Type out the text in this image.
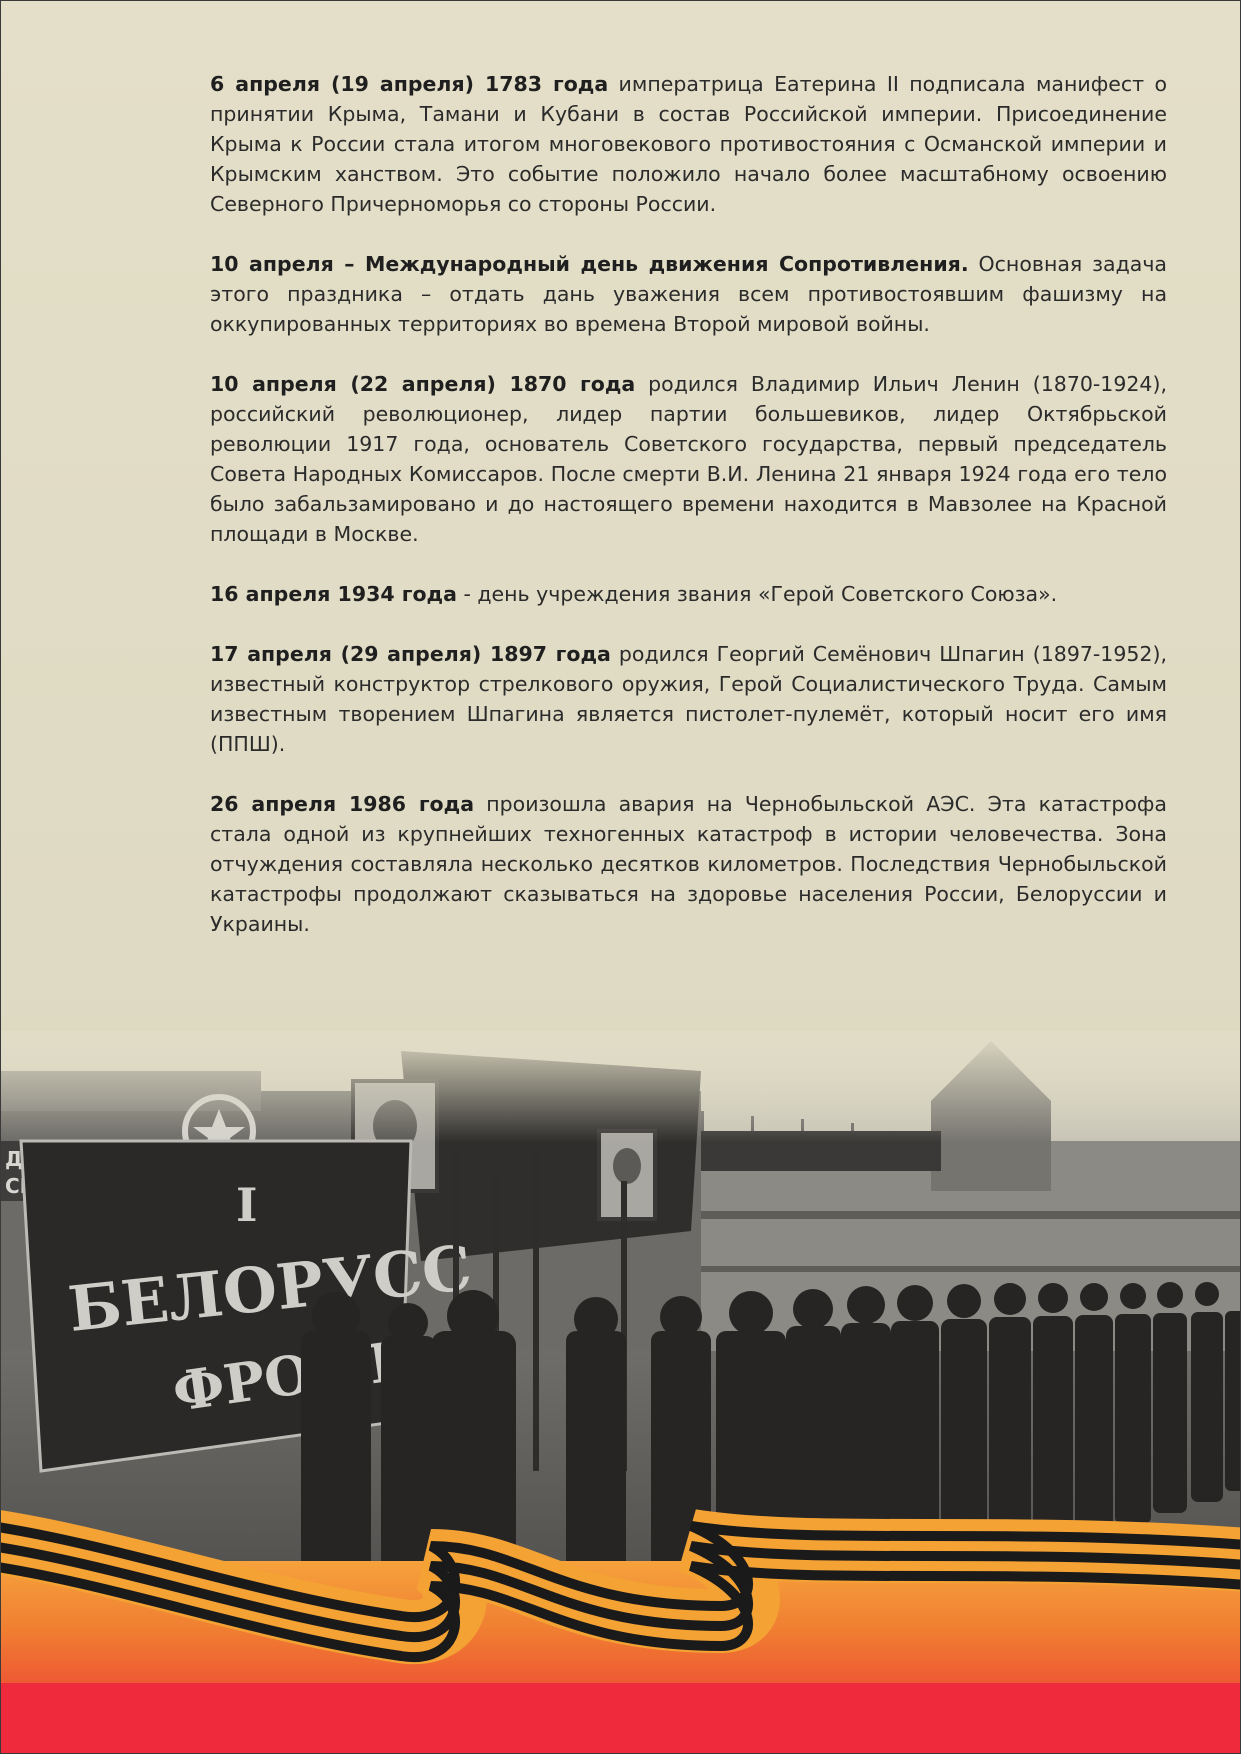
6 апреля (19 апреля) 1783 года императрица Еатерина II подписала манифест о принятии Крыма, Тамани и Кубани в состав Российской империи. Присоединение Крыма к России стала итогом многовекового противостояния с Османской империи и Крымским ханством. Это событие положило начало более масштабному освоению Северного Причерноморья со стороны России.

10 апреля – Международный день движения Сопротивления. Основная задача этого праздника – отдать дань уважения всем противостоявшим фашизму на оккупированных территориях во времена Второй мировой войны.

10 апреля (22 апреля) 1870 года родился Владимир Ильич Ленин (1870-1924), российский революционер, лидер партии большевиков, лидер Октябрьской революции 1917 года, основатель Советского государства, первый председатель Совета Народных Комиссаров. После смерти В.И. Ленина 21 января 1924 года его тело было забальзамировано и до настоящего времени находится в Мавзолее на Красной площади в Москве.

16 апреля 1934 года - день учреждения звания «Герой Советского Союза».

17 апреля (29 апреля) 1897 года родился Георгий Семёнович Шпагин (1897-1952), известный конструктор стрелкового оружия, Герой Социалистического Труда. Самым известным творением Шпагина является пистолет-пулемёт, который носит его имя (ППШ).

26 апреля 1986 года произошла авария на Чернобыльской АЭС. Эта катастрофа стала одной из крупнейших техногенных катастроф в истории человечества. Зона отчуждения составляла несколько десятков километров. Последствия Чернобыльской катастрофы продолжают сказываться на здоровье населения России, Белоруссии и Украины.
